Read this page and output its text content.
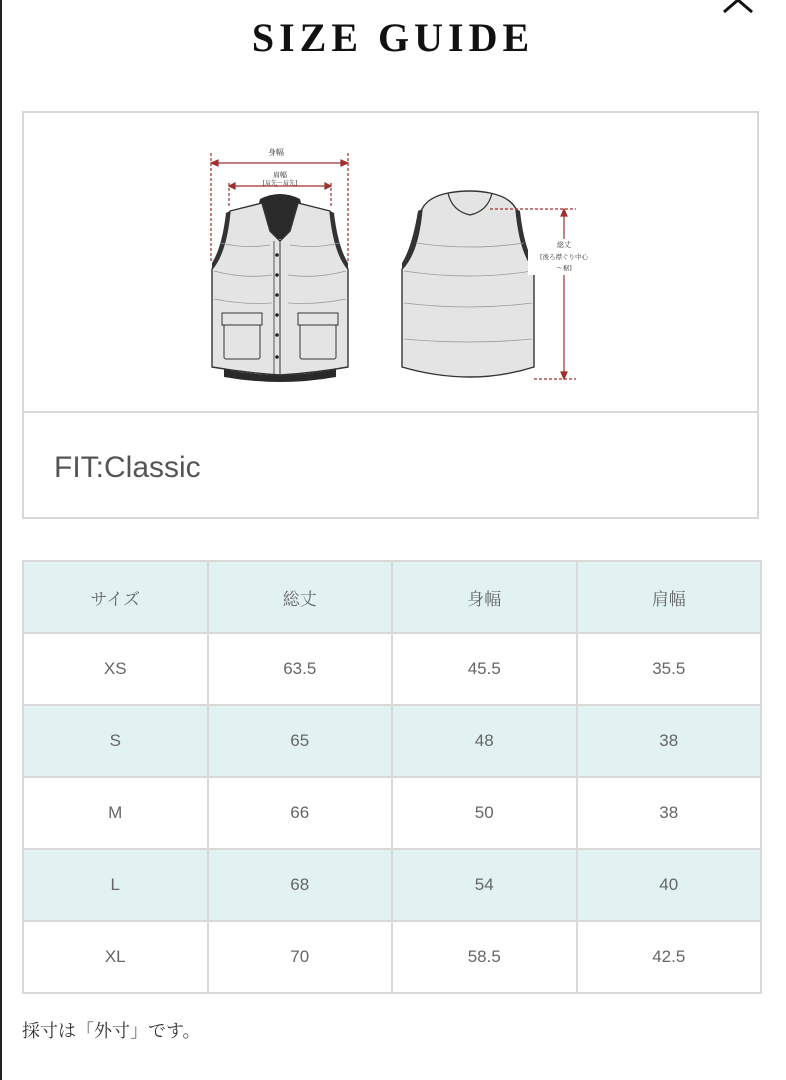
SIZE GUIDE
身幅
肩幅
[肩先〜肩先]
総丈
[後ろ襟ぐり中心
〜裾]
FIT:Classic
サイズ	総丈	身幅	肩幅
XS	63.5	45.5	35.5
S	65	48	38
M	66	50	38
L	68	54	40
XL	70	58.5	42.5
採寸は「外寸」です。
